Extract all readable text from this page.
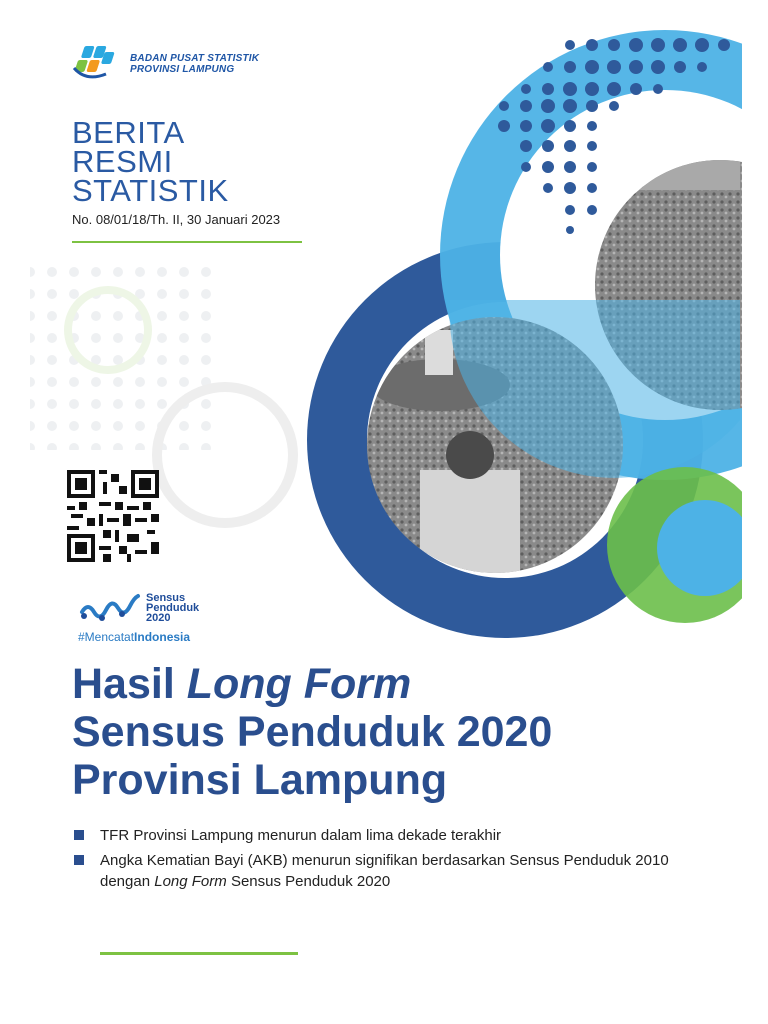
BADAN PUSAT STATISTIK
PROVINSI LAMPUNG
BERITA
RESMI
STATISTIK
No. 08/01/18/Th. II, 30 Januari 2023
Sensus
Penduduk
2020
#MencatatIndonesia
Hasil Long Form
Sensus Penduduk 2020
Provinsi Lampung
TFR Provinsi Lampung menurun dalam lima dekade terakhir
Angka Kematian Bayi (AKB) menurun signifikan berdasarkan Sensus Penduduk 2010 dengan Long Form Sensus Penduduk 2020
